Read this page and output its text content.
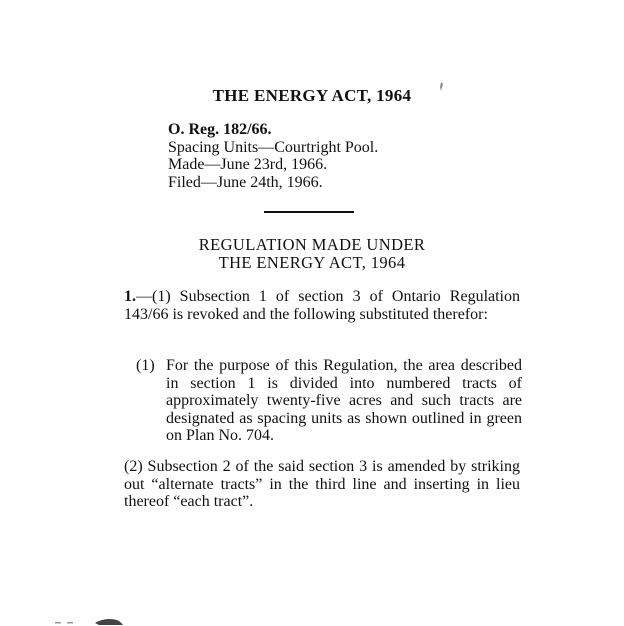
THE ENERGY ACT, 1964
O. Reg. 182/66.
Spacing Units—Courtright Pool.
Made—June 23rd, 1966.
Filed—June 24th, 1966.
REGULATION MADE UNDER
THE ENERGY ACT, 1964
1.—(1) Subsection 1 of section 3 of Ontario Regulation 143/66 is revoked and the following substituted therefor:
(1) For the purpose of this Regulation, the area described in section 1 is divided into numbered tracts of approximately twenty-five acres and such tracts are designated as spacing units as shown outlined in green on Plan No. 704.
(2) Subsection 2 of the said section 3 is amended by striking out “alternate tracts” in the third line and inserting in lieu thereof “each tract”.
